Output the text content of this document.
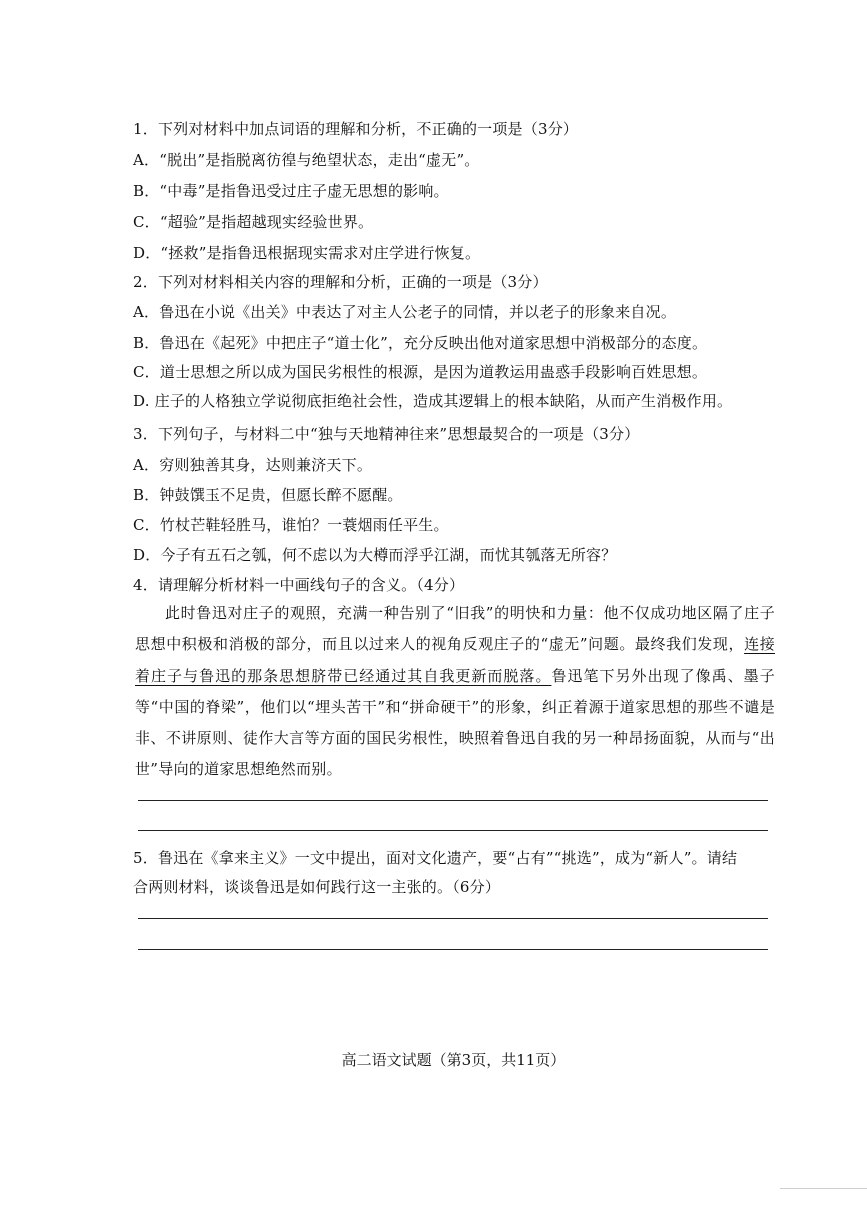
1．下列对材料中加点词语的理解和分析，不正确的一项是（3分）
A．“脱出”是指脱离彷徨与绝望状态，走出“虚无”。
B．“中毒”是指鲁迅受过庄子虚无思想的影响。
C．“超验”是指超越现实经验世界。
D．“拯救”是指鲁迅根据现实需求对庄学进行恢复。
2．下列对材料相关内容的理解和分析，正确的一项是（3分）
A．鲁迅在小说《出关》中表达了对主人公老子的同情，并以老子的形象来自况。
B．鲁迅在《起死》中把庄子“道士化”，充分反映出他对道家思想中消极部分的态度。
C．道士思想之所以成为国民劣根性的根源，是因为道教运用蛊惑手段影响百姓思想。
D. 庄子的人格独立学说彻底拒绝社会性，造成其逻辑上的根本缺陷，从而产生消极作用。
3．下列句子，与材料二中“独与天地精神往来”思想最契合的一项是（3分）
A．穷则独善其身，达则兼济天下。
B．钟鼓馔玉不足贵，但愿长醉不愿醒。
C．竹杖芒鞋轻胜马，谁怕？一蓑烟雨任平生。
D．今子有五石之瓠，何不虑以为大樽而浮乎江湖，而忧其瓠落无所容？
4．请理解分析材料一中画线句子的含义。（4分）
此时鲁迅对庄子的观照，充满一种告别了“旧我”的明快和力量：他不仅成功地区隔了庄子思想中积极和消极的部分，而且以过来人的视角反观庄子的“虚无”问题。最终我们发现，连接着庄子与鲁迅的那条思想脐带已经通过其自我更新而脱落。鲁迅笔下另外出现了像禹、墨子等“中国的脊梁”，他们以“埋头苦干”和“拼命硬干”的形象，纠正着源于道家思想的那些不谴是非、不讲原则、徒作大言等方面的国民劣根性，映照着鲁迅自我的另一种昂扬面貌，从而与“出世”导向的道家思想绝然而别。
5．鲁迅在《拿来主义》一文中提出，面对文化遗产，要“占有”“挑选”，成为“新人”。请结
合两则材料，谈谈鲁迅是如何践行这一主张的。（6分）
高二语文试题（第3页，共11页）
